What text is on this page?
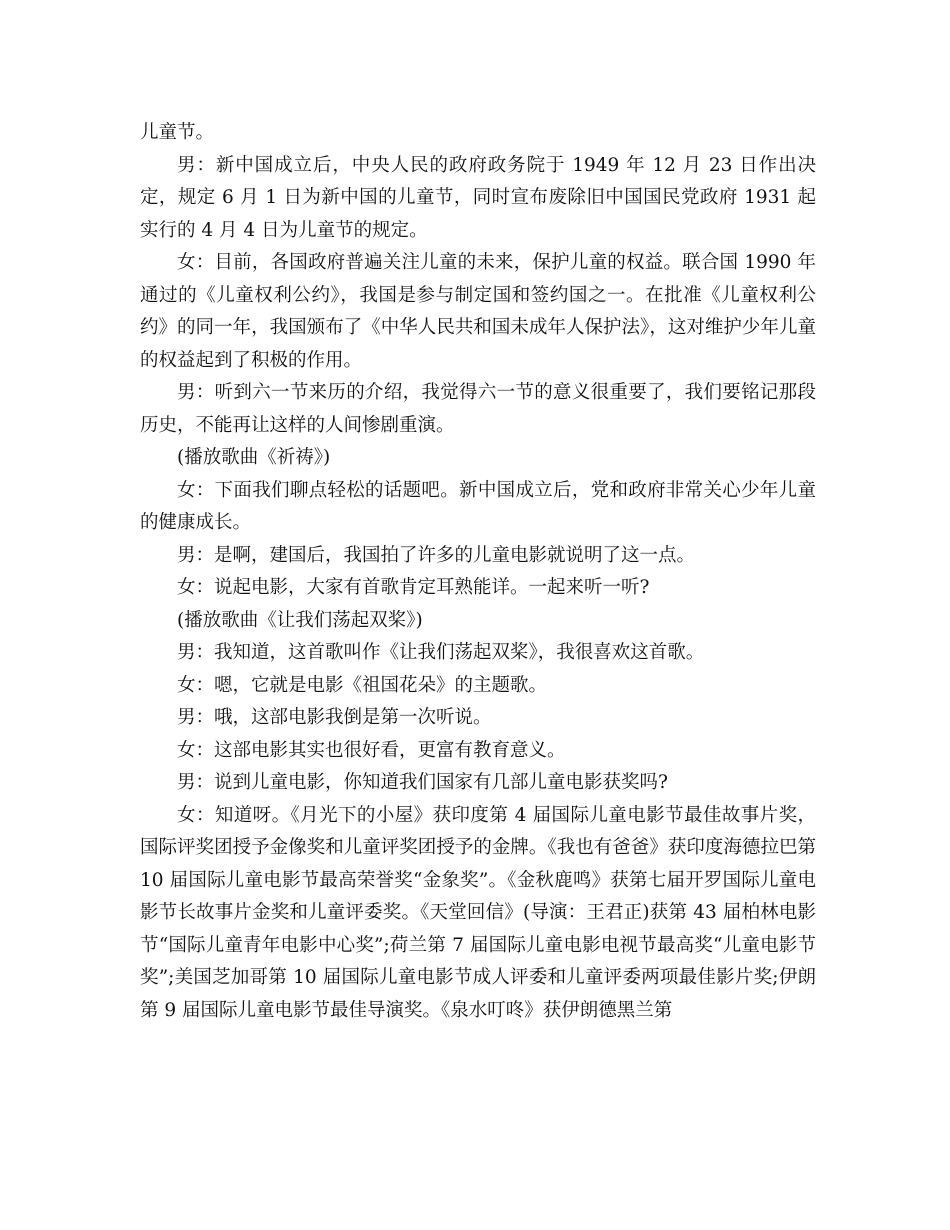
儿童节。

男：新中国成立后，中央人民的政府政务院于 1949 年 12 月 23 日作出决定，规定 6 月 1 日为新中国的儿童节，同时宣布废除旧中国国民党政府 1931 起实行的 4 月 4 日为儿童节的规定。

女：目前，各国政府普遍关注儿童的未来，保护儿童的权益。联合国 1990 年通过的《儿童权利公约》，我国是参与制定国和签约国之一。在批准《儿童权利公约》的同一年，我国颁布了《中华人民共和国未成年人保护法》，这对维护少年儿童的权益起到了积极的作用。

男：听到六一节来历的介绍，我觉得六一节的意义很重要了，我们要铭记那段历史，不能再让这样的人间惨剧重演。

(播放歌曲《祈祷》)

女：下面我们聊点轻松的话题吧。新中国成立后，党和政府非常关心少年儿童的健康成长。

男：是啊，建国后，我国拍了许多的儿童电影就说明了这一点。

女：说起电影，大家有首歌肯定耳熟能详。一起来听一听?

(播放歌曲《让我们荡起双桨》)

男：我知道，这首歌叫作《让我们荡起双桨》，我很喜欢这首歌。

女：嗯，它就是电影《祖国花朵》的主题歌。

男：哦，这部电影我倒是第一次听说。

女：这部电影其实也很好看，更富有教育意义。

男：说到儿童电影，你知道我们国家有几部儿童电影获奖吗?

女：知道呀。《月光下的小屋》获印度第 4 届国际儿童电影节最佳故事片奖，国际评奖团授予金像奖和儿童评奖团授予的金牌。《我也有爸爸》获印度海德拉巴第 10 届国际儿童电影节最高荣誉奖“金象奖”。《金秋鹿鸣》获第七届开罗国际儿童电影节长故事片金奖和儿童评委奖。《天堂回信》(导演：王君正)获第 43 届柏林电影节“国际儿童青年电影中心奖”;荷兰第 7 届国际儿童电影电视节最高奖“儿童电影节奖”;美国芝加哥第 10 届国际儿童电影节成人评委和儿童评委两项最佳影片奖;伊朗第 9 届国际儿童电影节最佳导演奖。《泉水叮咚》获伊朗德黑兰第
